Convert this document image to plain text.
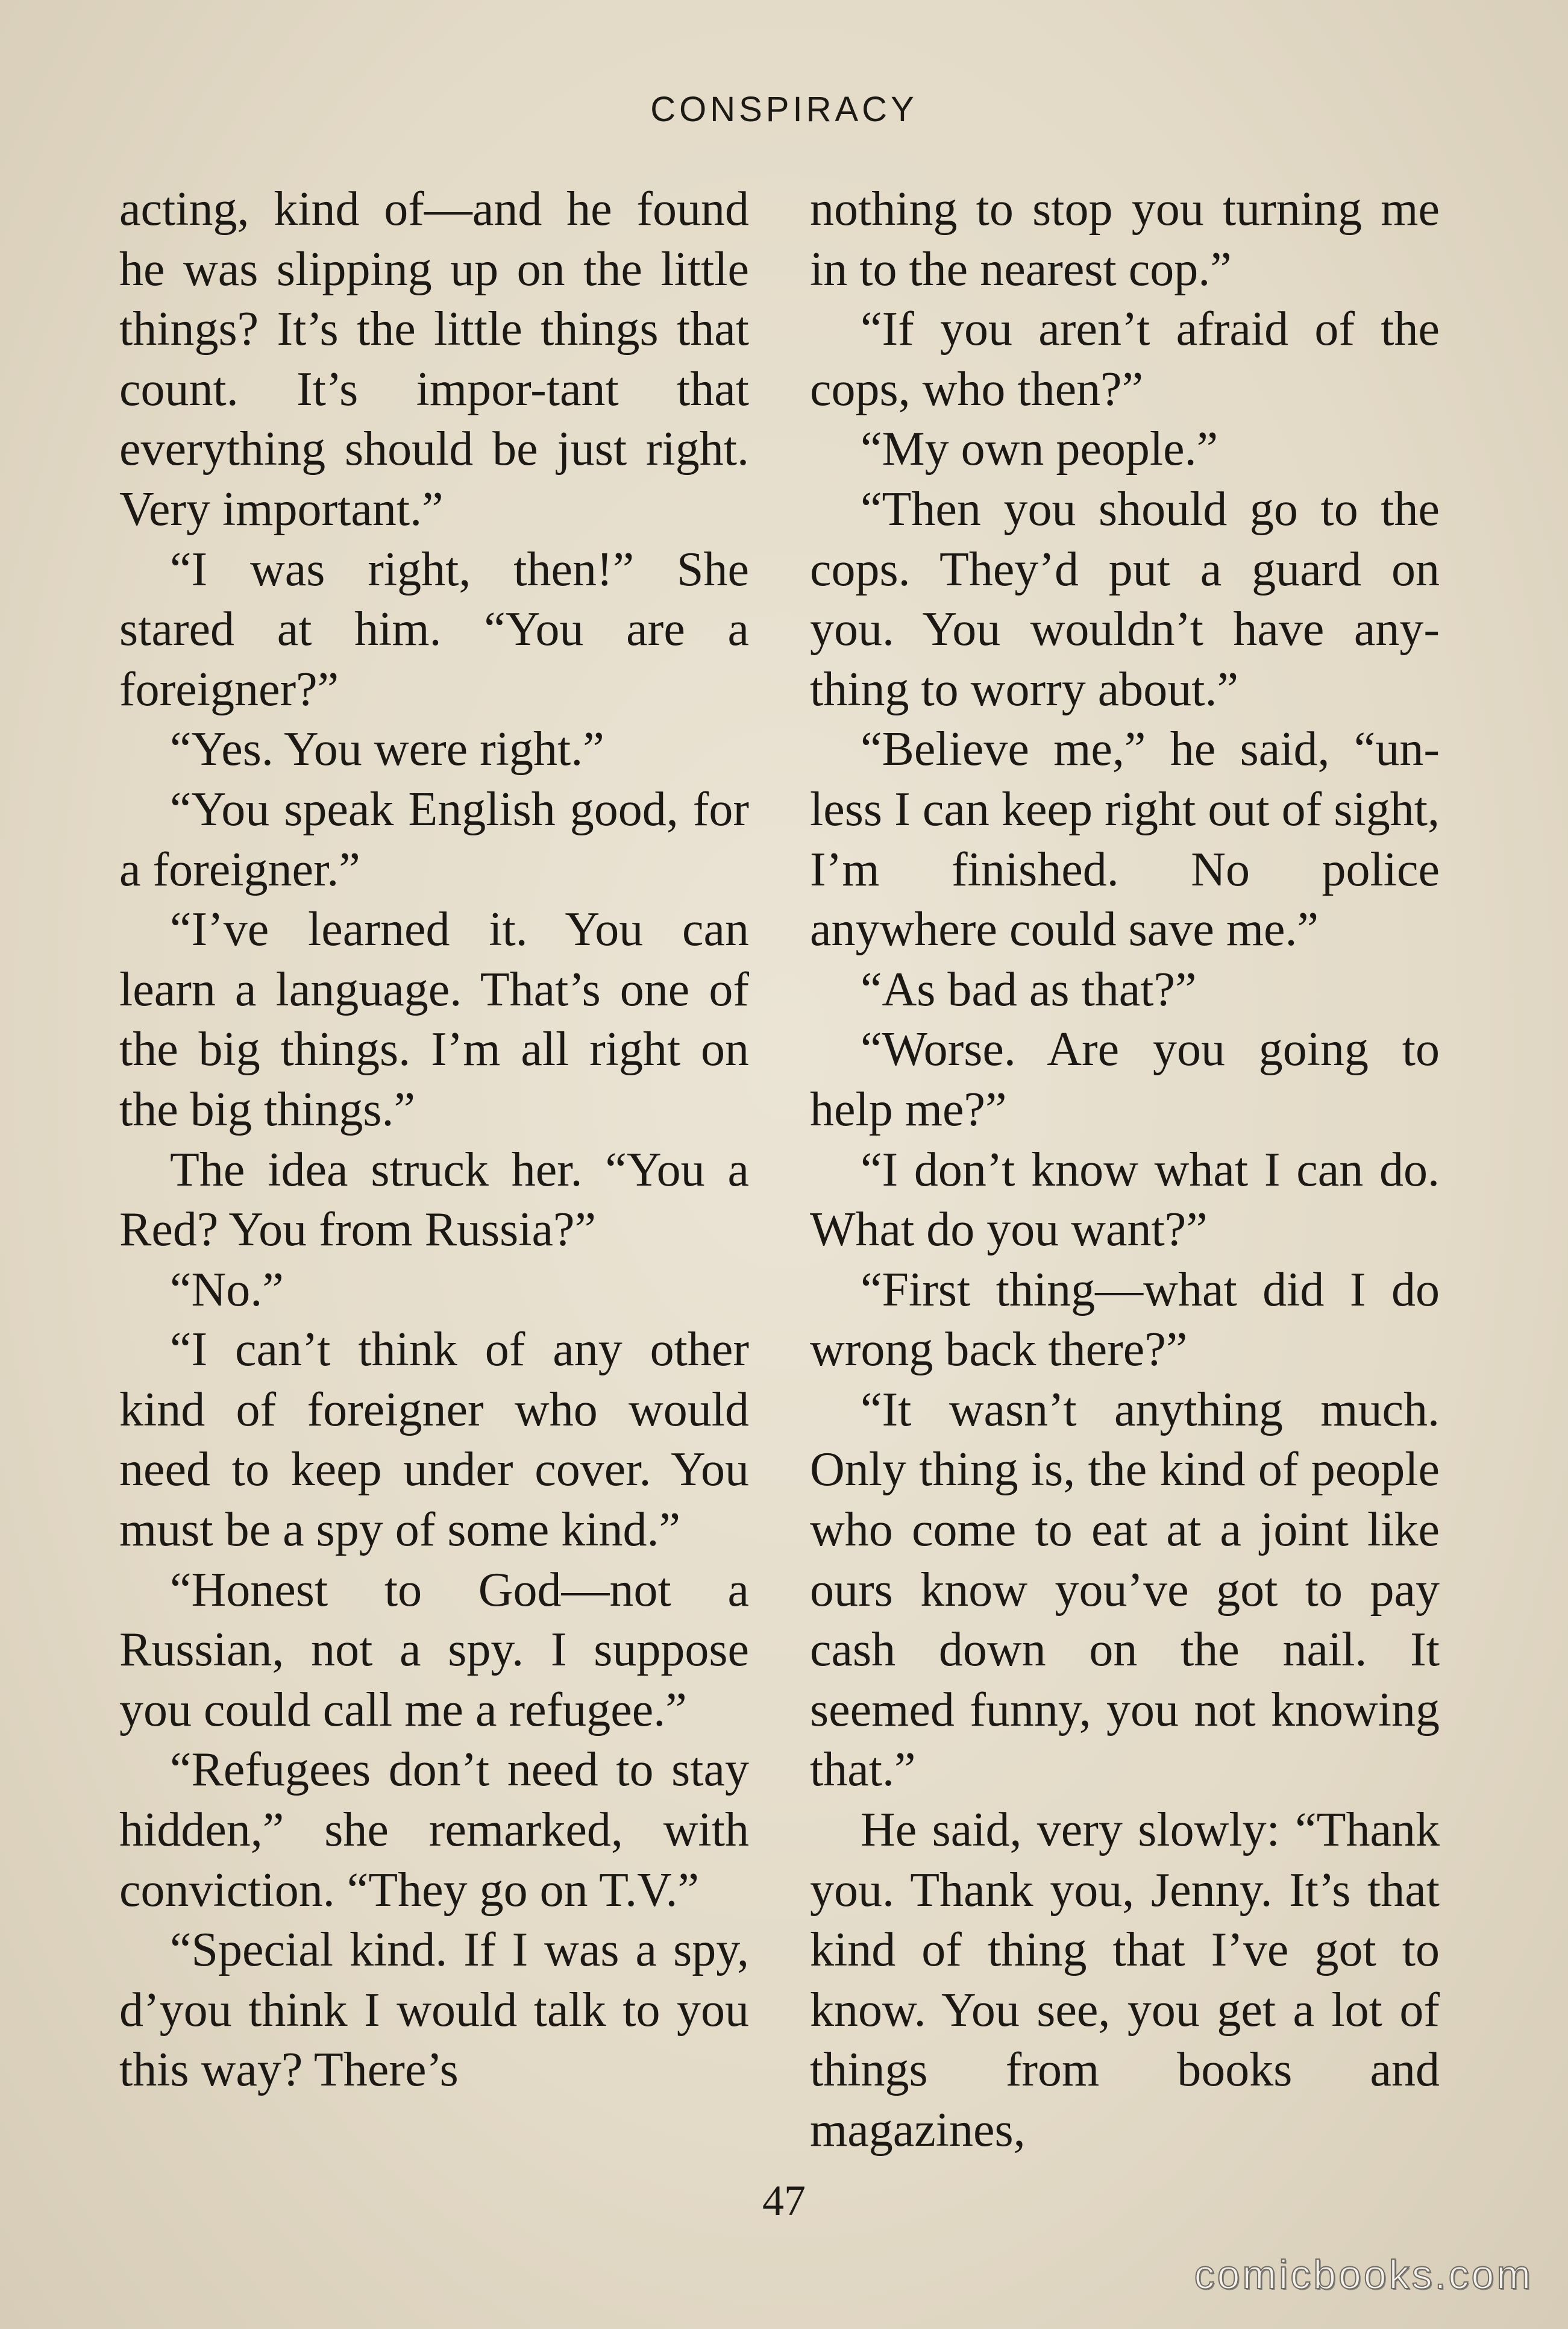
CONSPIRACY

acting, kind of—and he found he was slipping up on the little things? It’s the little things that count. It’s impor-tant that everything should be just right. Very important.”

“I was right, then!” She stared at him. “You are a foreigner?”

“Yes. You were right.”

“You speak English good, for a foreigner.”

“I’ve learned it. You can learn a language. That’s one of the big things. I’m all right on the big things.”

The idea struck her. “You a Red? You from Russia?”

“No.”

“I can’t think of any other kind of foreigner who would need to keep under cover. You must be a spy of some kind.”

“Honest to God—not a Russian, not a spy. I suppose you could call me a refugee.”

“Refugees don’t need to stay hidden,” she remarked, with conviction. “They go on T.V.”

“Special kind. If I was a spy, d’you think I would talk to you this way? There’s

nothing to stop you turning me in to the nearest cop.”

“If you aren’t afraid of the cops, who then?”

“My own people.”

“Then you should go to the cops. They’d put a guard on you. You wouldn’t have any-thing to worry about.”

“Believe me,” he said, “un-less I can keep right out of sight, I’m finished. No police anywhere could save me.”

“As bad as that?”

“Worse. Are you going to help me?”

“I don’t know what I can do. What do you want?”

“First thing—what did I do wrong back there?”

“It wasn’t anything much. Only thing is, the kind of people who come to eat at a joint like ours know you’ve got to pay cash down on the nail. It seemed funny, you not knowing that.”

He said, very slowly: “Thank you. Thank you, Jenny. It’s that kind of thing that I’ve got to know. You see, you get a lot of things from books and magazines,

47
comicbooks.com
